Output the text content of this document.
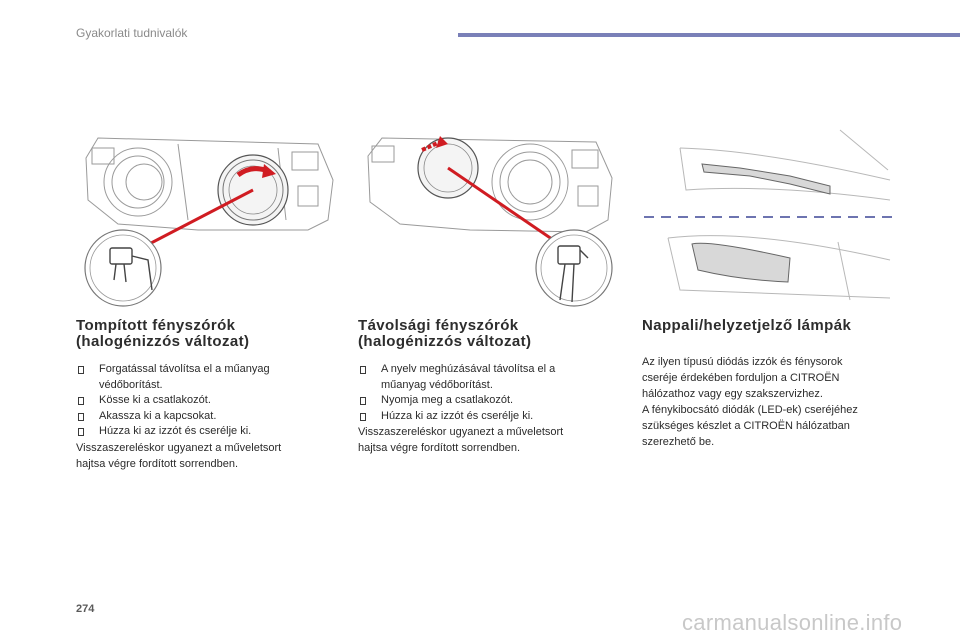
Gyakorlati tudnivalók
Tompított fényszórók
(halogénizzós változat)
Forgatással távolítsa el a műanyag
védőborítást.
Kösse ki a csatlakozót.
Akassza ki a kapcsokat.
Húzza ki az izzót és cserélje ki.

Visszaszereléskor ugyanezt a műveletsort
hajtsa végre fordított sorrendben.

Távolsági fényszórók
(halogénizzós változat)
A nyelv meghúzásával távolítsa el a
műanyag védőborítást.
Nyomja meg a csatlakozót.
Húzza ki az izzót és cserélje ki.

Visszaszereléskor ugyanezt a műveletsort
hajtsa végre fordított sorrendben.

Nappali/helyzetjelző lámpák

Az ilyen típusú diódás izzók és fénysorok
cseréje érdekében forduljon a CITROËN
hálózathoz vagy egy szakszervizhez.
A fénykibocsátó diódák (LED-ek) cseréjéhez
szükséges készlet a CITROËN hálózatban
szerezhető be.

274
carmanualsonline.info
